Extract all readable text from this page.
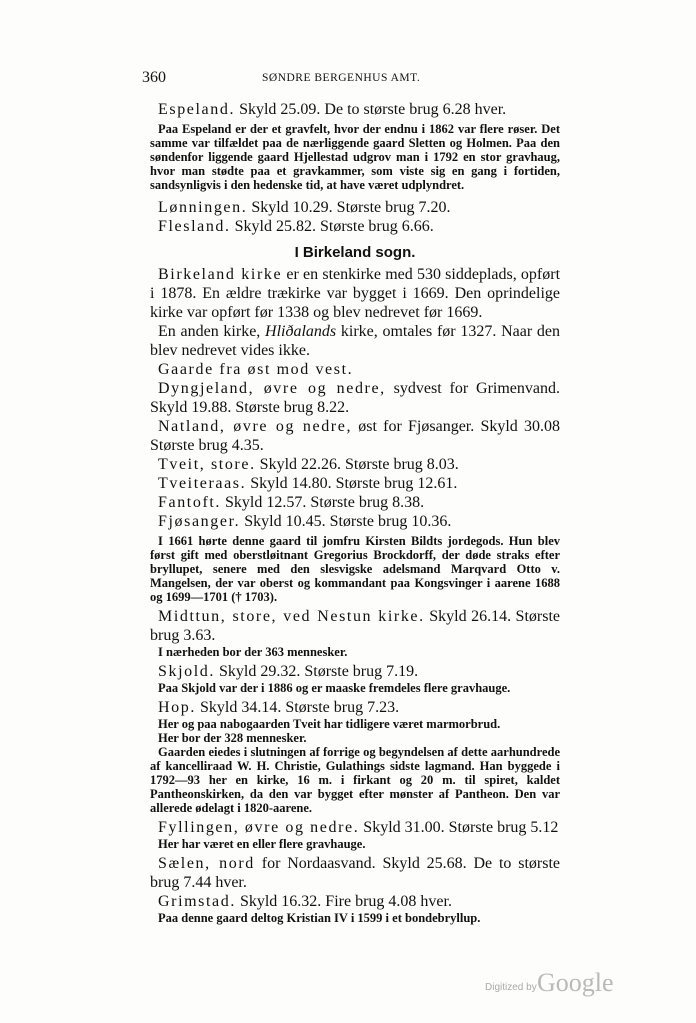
360	SØNDRE BERGENHUS AMT.

Espeland. Skyld 25.09. De to største brug 6.28 hver.

Paa Espeland er der et gravfelt, hvor der endnu i 1862 var flere røser. Det samme var tilfældet paa de nærliggende gaard Sletten og Holmen. Paa den søndenfor liggende gaard Hjellestad udgrov man i 1792 en stor gravhaug, hvor man stødte paa et gravkammer, som viste sig en gang i fortiden, sandsynligvis i den hedenske tid, at have været udplyndret.

Lønningen. Skyld 10.29. Største brug 7.20.

Flesland. Skyld 25.82. Største brug 6.66.

I Birkeland sogn.

Birkeland kirke er en stenkirke med 530 siddeplads, opført i 1878. En ældre trækirke var bygget i 1669. Den oprindelige kirke var opført før 1338 og blev nedrevet før 1669.

En anden kirke, Hliðalands kirke, omtales før 1327. Naar den blev nedrevet vides ikke.

Gaarde fra øst mod vest.

Dyngjeland, øvre og nedre, sydvest for Grimenvand. Skyld 19.88. Største brug 8.22.

Natland, øvre og nedre, øst for Fjøsanger. Skyld 30.08 Største brug 4.35.

Tveit, store. Skyld 22.26. Største brug 8.03.

Tveiteraas. Skyld 14.80. Største brug 12.61.

Fantoft. Skyld 12.57. Største brug 8.38.

Fjøsanger. Skyld 10.45. Største brug 10.36.

I 1661 hørte denne gaard til jomfru Kirsten Bildts jordegods. Hun blev først gift med oberstløitnant Gregorius Brockdorff, der døde straks efter bryllupet, senere med den slesvigske adelsmand Marqvard Otto v. Mangelsen, der var oberst og kommandant paa Kongsvinger i aarene 1688 og 1699—1701 († 1703).

Midttun, store, ved Nestun kirke. Skyld 26.14. Største brug 3.63.

I nærheden bor der 363 mennesker.

Skjold. Skyld 29.32. Største brug 7.19.

Paa Skjold var der i 1886 og er maaske fremdeles flere gravhauge.

Hop. Skyld 34.14. Største brug 7.23.

Her og paa nabogaarden Tveit har tidligere været marmorbrud.

Her bor der 328 mennesker.

Gaarden eiedes i slutningen af forrige og begyndelsen af dette aarhundrede af kancelliraad W. H. Christie, Gulathings sidste lagmand. Han byggede i 1792—93 her en kirke, 16 m. i firkant og 20 m. til spiret, kaldet Pantheonskirken, da den var bygget efter mønster af Pantheon. Den var allerede ødelagt i 1820-aarene.

Fyllingen, øvre og nedre. Skyld 31.00. Største brug 5.12

Her har været en eller flere gravhauge.

Sælen, nord for Nordaasvand. Skyld 25.68. De to største brug 7.44 hver.

Grimstad. Skyld 16.32. Fire brug 4.08 hver.

Paa denne gaard deltog Kristian IV i 1599 i et bondebryllup.

Digitized by Google
